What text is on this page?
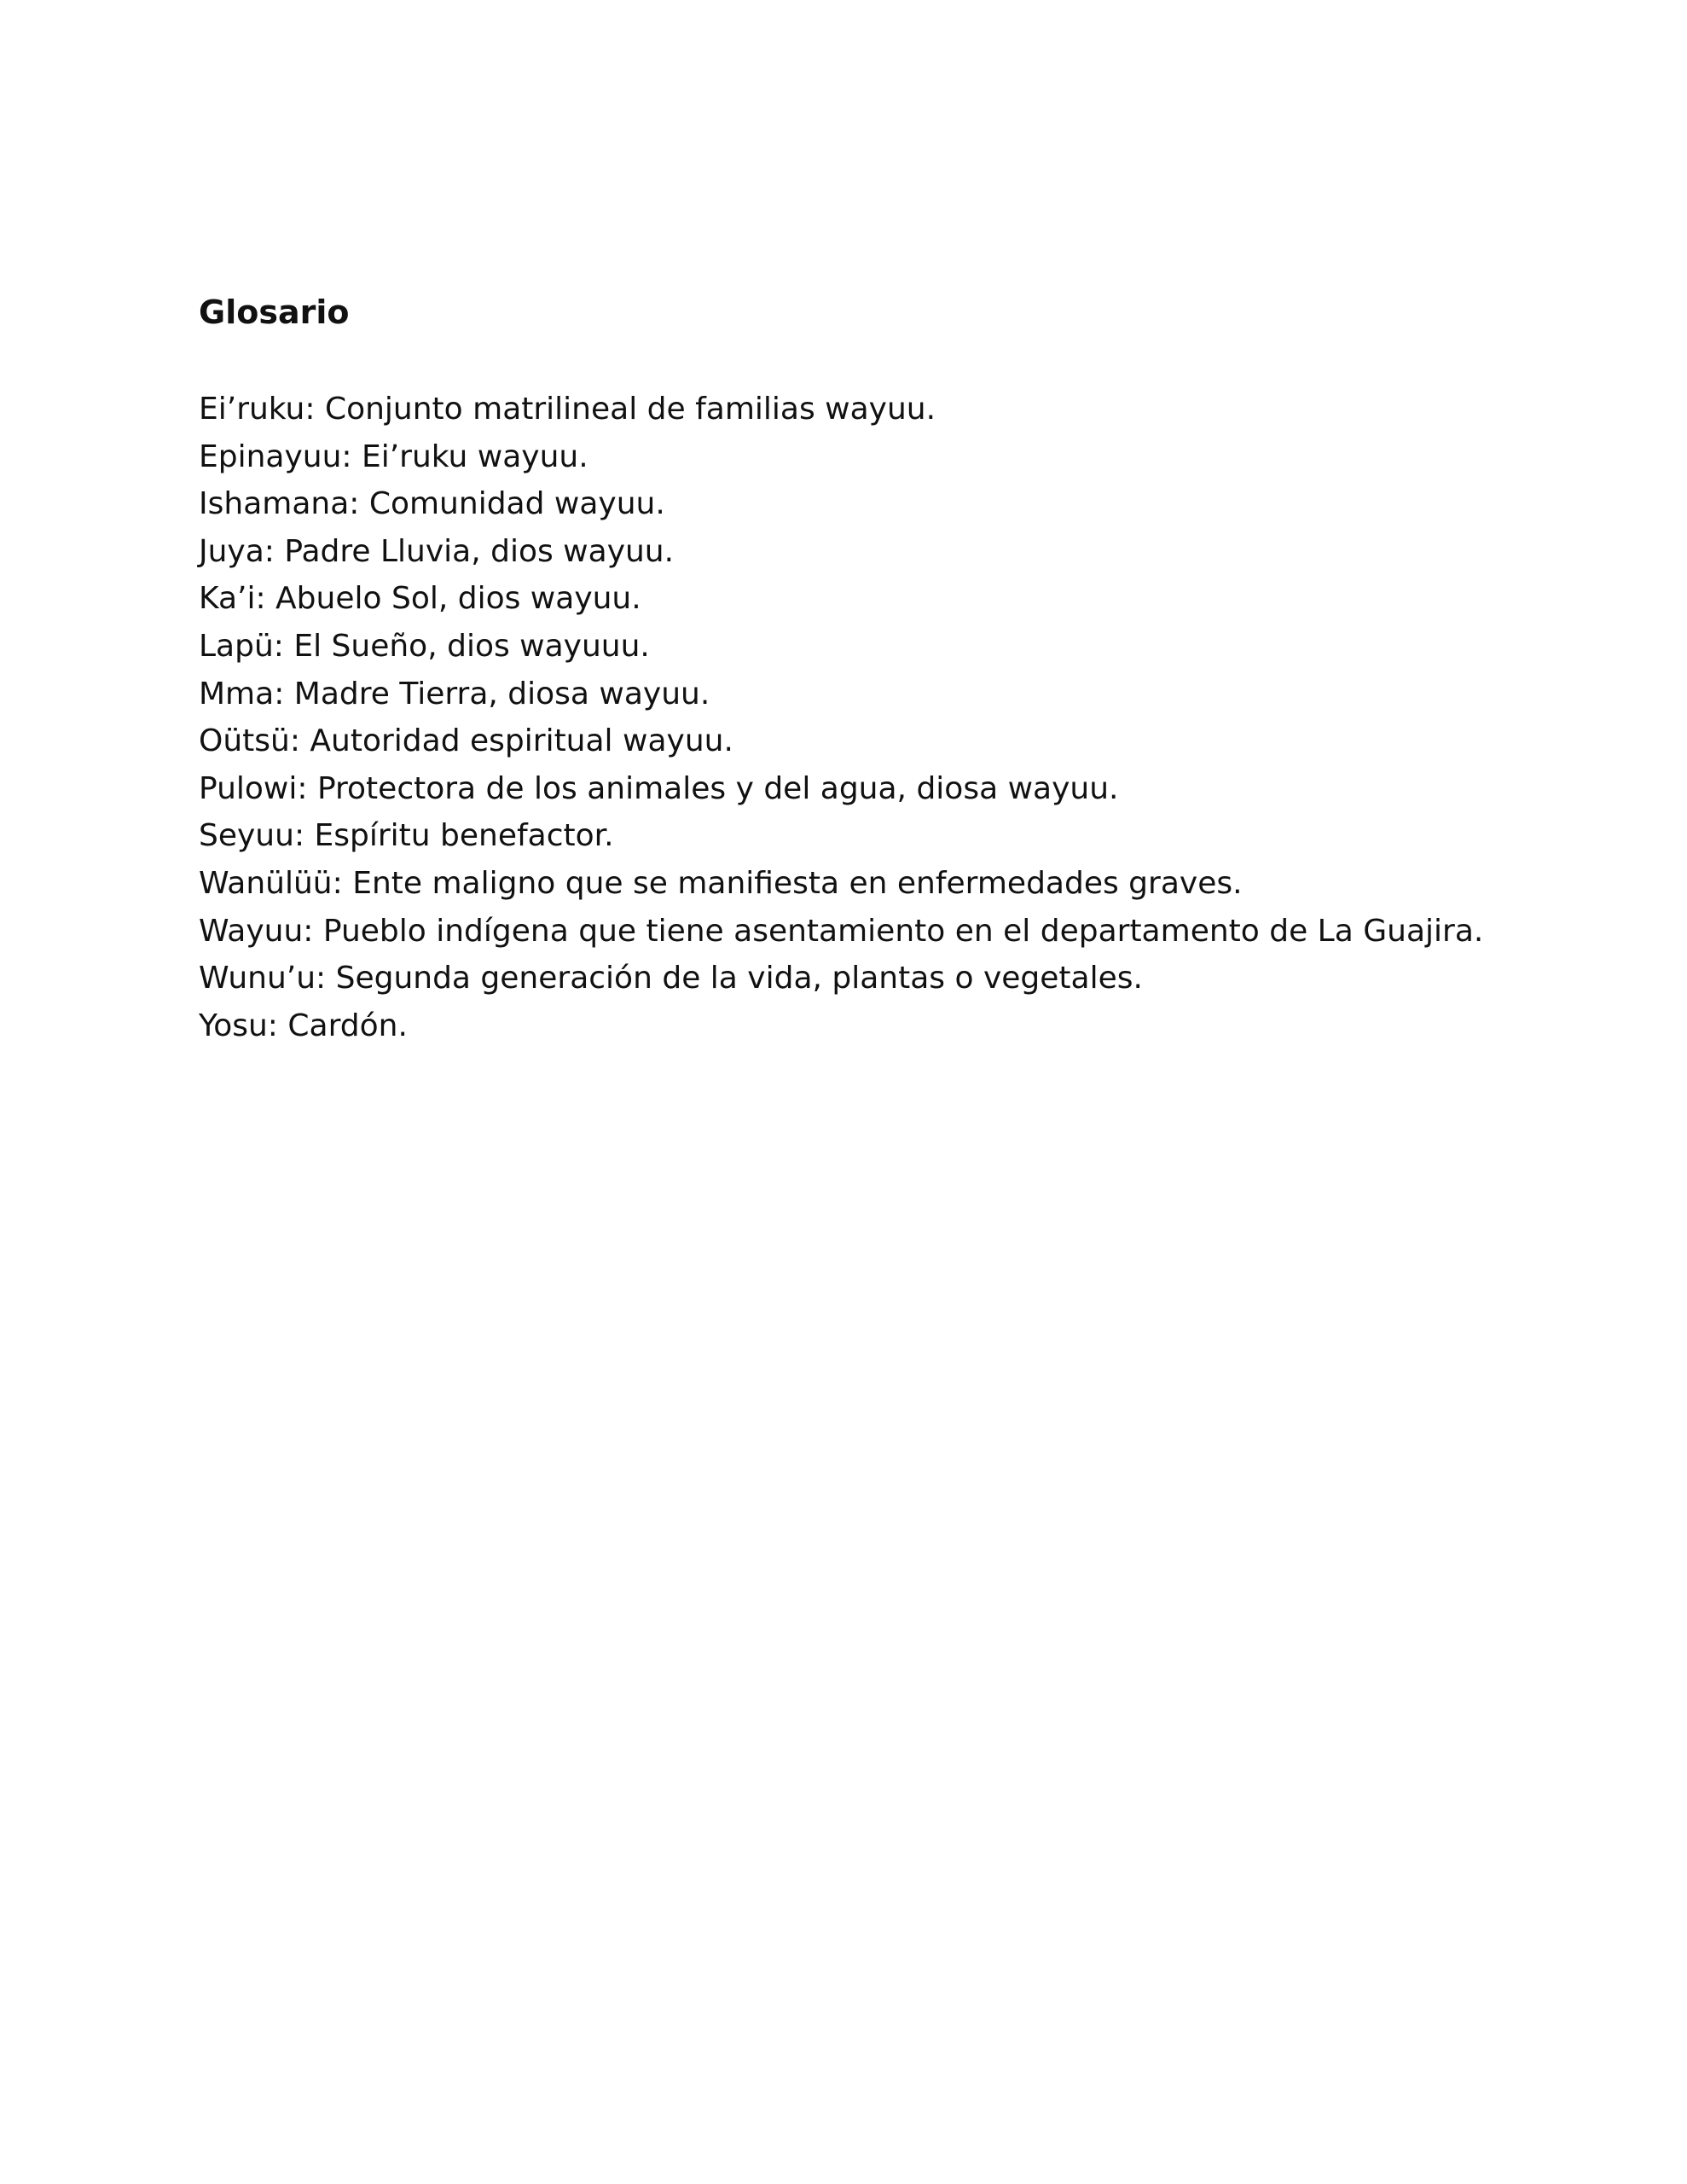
Glosario
Ei’ruku: Conjunto matrilineal de familias wayuu.
Epinayuu: Ei’ruku wayuu.
Ishamana: Comunidad wayuu.
Juya: Padre Lluvia, dios wayuu.
Ka’i: Abuelo Sol, dios wayuu.
Lapü: El Sueño, dios wayuuu.
Mma: Madre Tierra, diosa wayuu.
Oütsü: Autoridad espiritual wayuu.
Pulowi: Protectora de los animales y del agua, diosa wayuu.
Seyuu: Espíritu benefactor.
Wanülüü: Ente maligno que se manifiesta en enfermedades graves.
Wayuu: Pueblo indígena que tiene asentamiento en el departamento de La Guajira.
Wunu’u: Segunda generación de la vida, plantas o vegetales.
Yosu: Cardón.
